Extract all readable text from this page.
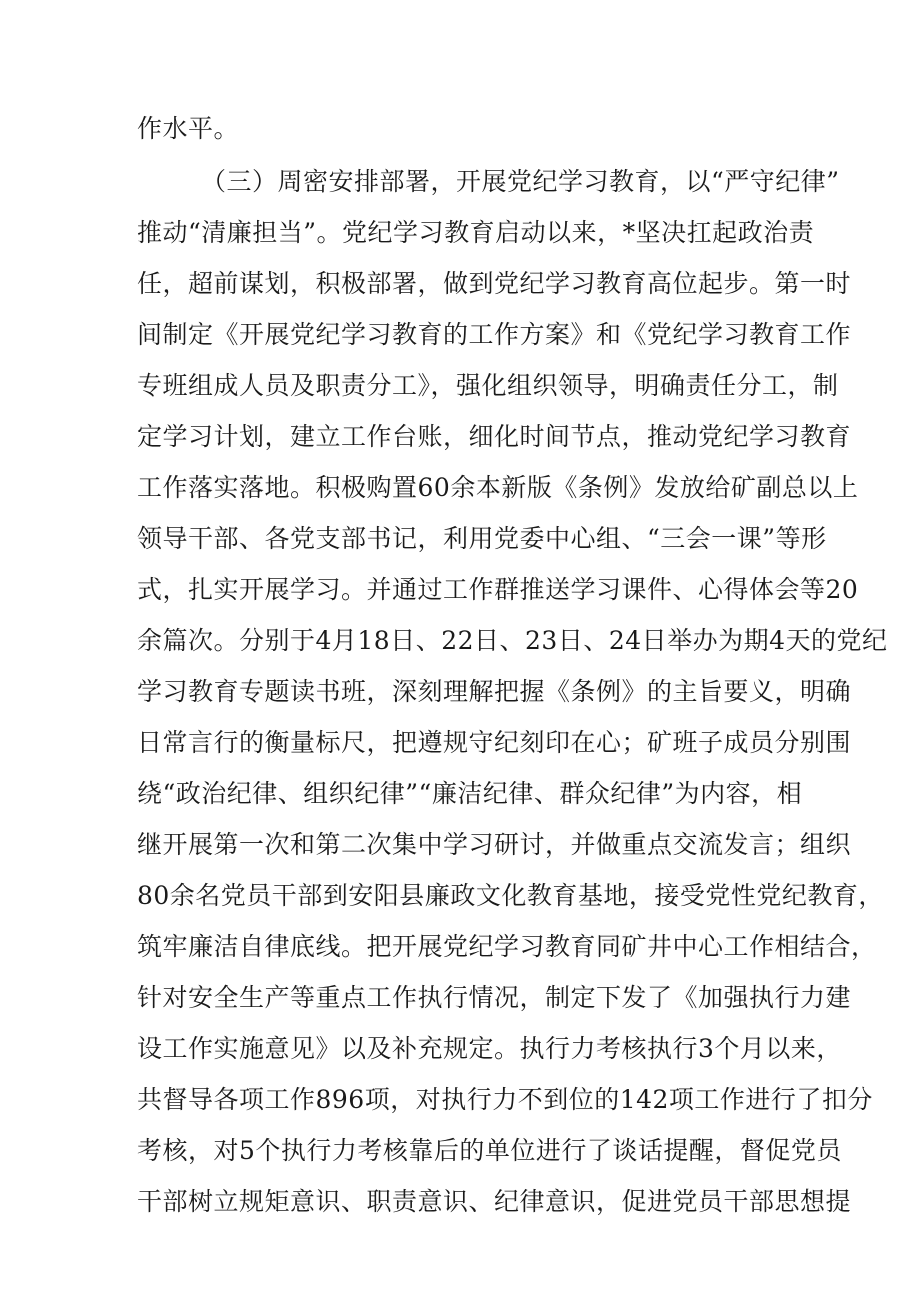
作水平。
（三）周密安排部署，开展党纪学习教育，以“严守纪律”
推动“清廉担当”。党纪学习教育启动以来，*坚决扛起政治责
任，超前谋划，积极部署，做到党纪学习教育高位起步。第一时
间制定《开展党纪学习教育的工作方案》和《党纪学习教育工作
专班组成人员及职责分工》，强化组织领导，明确责任分工，制
定学习计划，建立工作台账，细化时间节点，推动党纪学习教育
工作落实落地。积极购置60余本新版《条例》发放给矿副总以上
领导干部、各党支部书记，利用党委中心组、“三会一课”等形
式，扎实开展学习。并通过工作群推送学习课件、心得体会等20
余篇次。分别于4月18日、22日、23日、24日举办为期4天的党纪
学习教育专题读书班，深刻理解把握《条例》的主旨要义，明确
日常言行的衡量标尺，把遵规守纪刻印在心；矿班子成员分别围
绕“政治纪律、组织纪律”“廉洁纪律、群众纪律”为内容，相
继开展第一次和第二次集中学习研讨，并做重点交流发言；组织
80余名党员干部到安阳县廉政文化教育基地，接受党性党纪教育，
筑牢廉洁自律底线。把开展党纪学习教育同矿井中心工作相结合，
针对安全生产等重点工作执行情况，制定下发了《加强执行力建
设工作实施意见》以及补充规定。执行力考核执行3个月以来，
共督导各项工作896项，对执行力不到位的142项工作进行了扣分
考核，对5个执行力考核靠后的单位进行了谈话提醒，督促党员
干部树立规矩意识、职责意识、纪律意识，促进党员干部思想提
